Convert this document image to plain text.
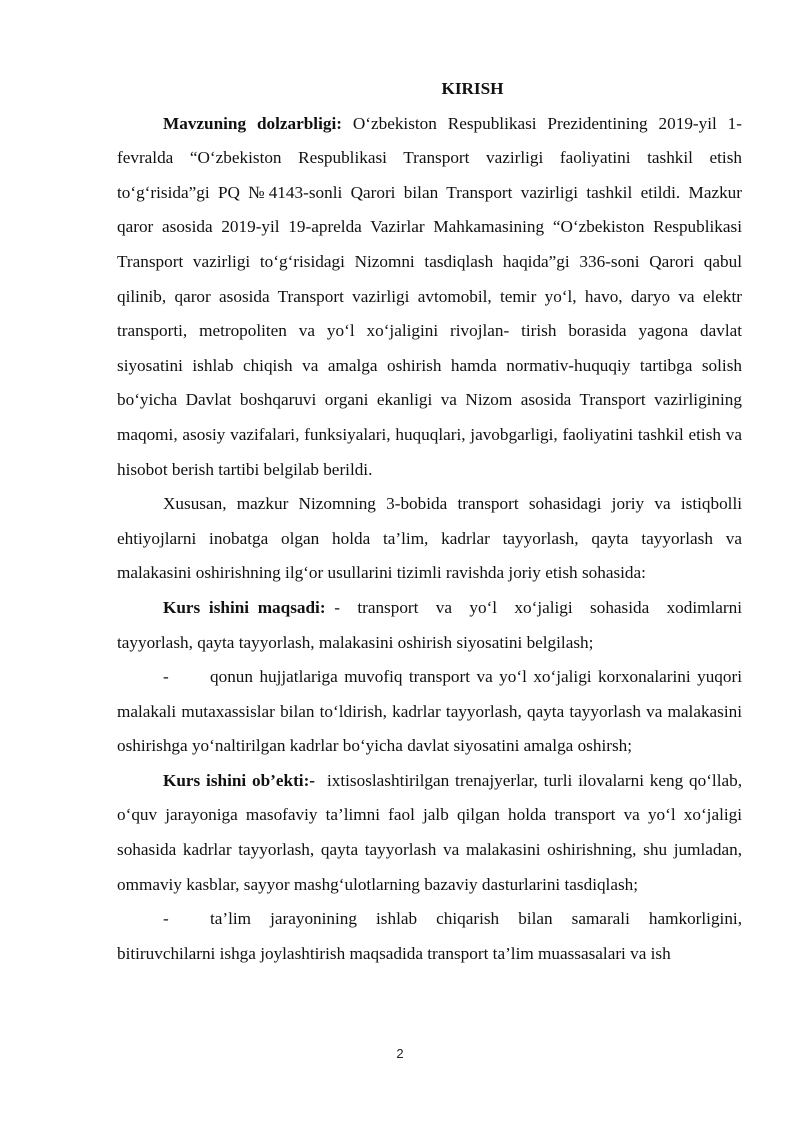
KIRISH

Mavzuning dolzarbligi: O‘zbekiston Respublikasi Prezidentining 2019-yil 1-fevralda “O‘zbekiston Respublikasi Transport vazirligi faoliyatini tashkil etish to‘g‘risida”gi PQ №4143-sonli Qarori bilan Transport vazirligi tashkil etildi. Mazkur qaror asosida 2019-yil 19-aprelda Vazirlar Mahkamasining “O‘zbekiston Respublikasi Transport vazirligi to‘g‘risidagi Nizomni tasdiqlash haqida”gi 336-soni Qarori qabul qilinib, qaror asosida Transport vazirligi avtomobil, temir yo‘l, havo, daryo va elektr transporti, metropoliten va yo‘l xo‘jaligini rivojlan- tirish borasida yagona davlat siyosatini ishlab chiqish va amalga oshirish hamda normativ-huquqiy tartibga solish bo‘yicha Davlat boshqaruvi organi ekanligi va Nizom asosida Transport vazirligining maqomi, asosiy vazifalari, funksiyalari, huquqlari, javobgarligi, faoliyatini tashkil etish va hisobot berish tartibi belgilab berildi.

Xususan, mazkur Nizomning 3-bobida transport sohasidagi joriy va istiqbolli ehtiyojlarni inobatga olgan holda ta’lim, kadrlar tayyorlash, qayta tayyorlash va malakasini oshirishning ilg‘or usullarini tizimli ravishda joriy etish sohasida:

Kurs ishini maqsadi: -  transport  va  yo‘l  xo‘jaligi  sohasida  xodimlarni tayyorlash, qayta tayyorlash, malakasini oshirish siyosatini belgilash;

- qonun hujjatlariga muvofiq transport va yo‘l xo‘jaligi korxonalarini yuqori malakali mutaxassislar bilan to‘ldirish, kadrlar tayyorlash, qayta tayyorlash va malakasini oshirishga yo‘naltirilgan kadrlar bo‘yicha davlat siyosatini amalga oshirsh;

Kurs ishini ob’ekti:- ixtisoslashtirilgan trenajyerlar, turli ilovalarni keng qo‘llab, o‘quv jarayoniga masofaviy ta’limni faol jalb qilgan holda transport va yo‘l xo‘jaligi sohasida kadrlar tayyorlash, qayta tayyorlash va malakasini oshirishning, shu jumladan, ommaviy kasblar, sayyor mashg‘ulotlarning bazaviy dasturlarini tasdiqlash;

- ta’lim jarayonining ishlab chiqarish bilan samarali hamkorligini, bitiruvchilarni ishga joylashtirish maqsadida transport ta’lim muassasalari va ish

2
